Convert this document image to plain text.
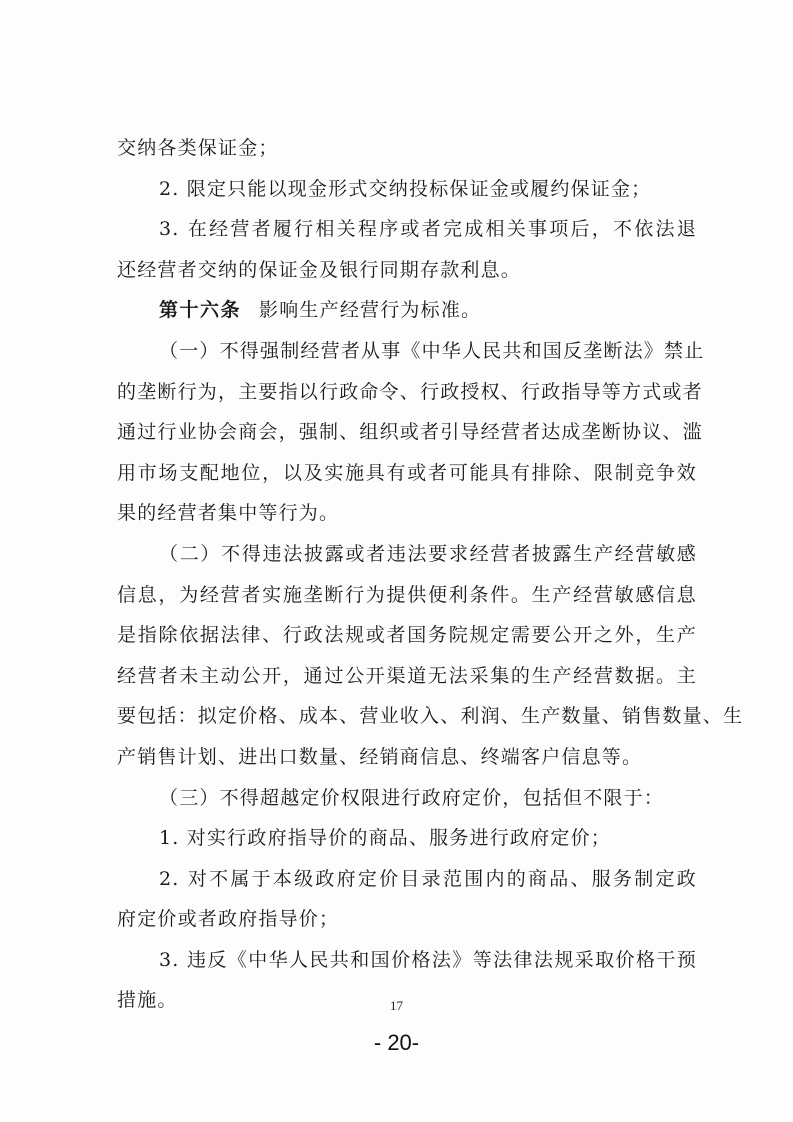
交纳各类保证金；
2. 限定只能以现金形式交纳投标保证金或履约保证金；
3. 在经营者履行相关程序或者完成相关事项后，不依法退
还经营者交纳的保证金及银行同期存款利息。
第十六条 影响生产经营行为标准。
（一）不得强制经营者从事《中华人民共和国反垄断法》禁止
的垄断行为，主要指以行政命令、行政授权、行政指导等方式或者
通过行业协会商会，强制、组织或者引导经营者达成垄断协议、滥
用市场支配地位，以及实施具有或者可能具有排除、限制竞争效
果的经营者集中等行为。
（二）不得违法披露或者违法要求经营者披露生产经营敏感
信息，为经营者实施垄断行为提供便利条件。生产经营敏感信息
是指除依据法律、行政法规或者国务院规定需要公开之外，生产
经营者未主动公开，通过公开渠道无法采集的生产经营数据。主
要包括：拟定价格、成本、营业收入、利润、生产数量、销售数量、生
产销售计划、进出口数量、经销商信息、终端客户信息等。
（三）不得超越定价权限进行政府定价，包括但不限于：
1. 对实行政府指导价的商品、服务进行政府定价；
2. 对不属于本级政府定价目录范围内的商品、服务制定政
府定价或者政府指导价；
3. 违反《中华人民共和国价格法》等法律法规采取价格干预
措施。	17
- 20-
